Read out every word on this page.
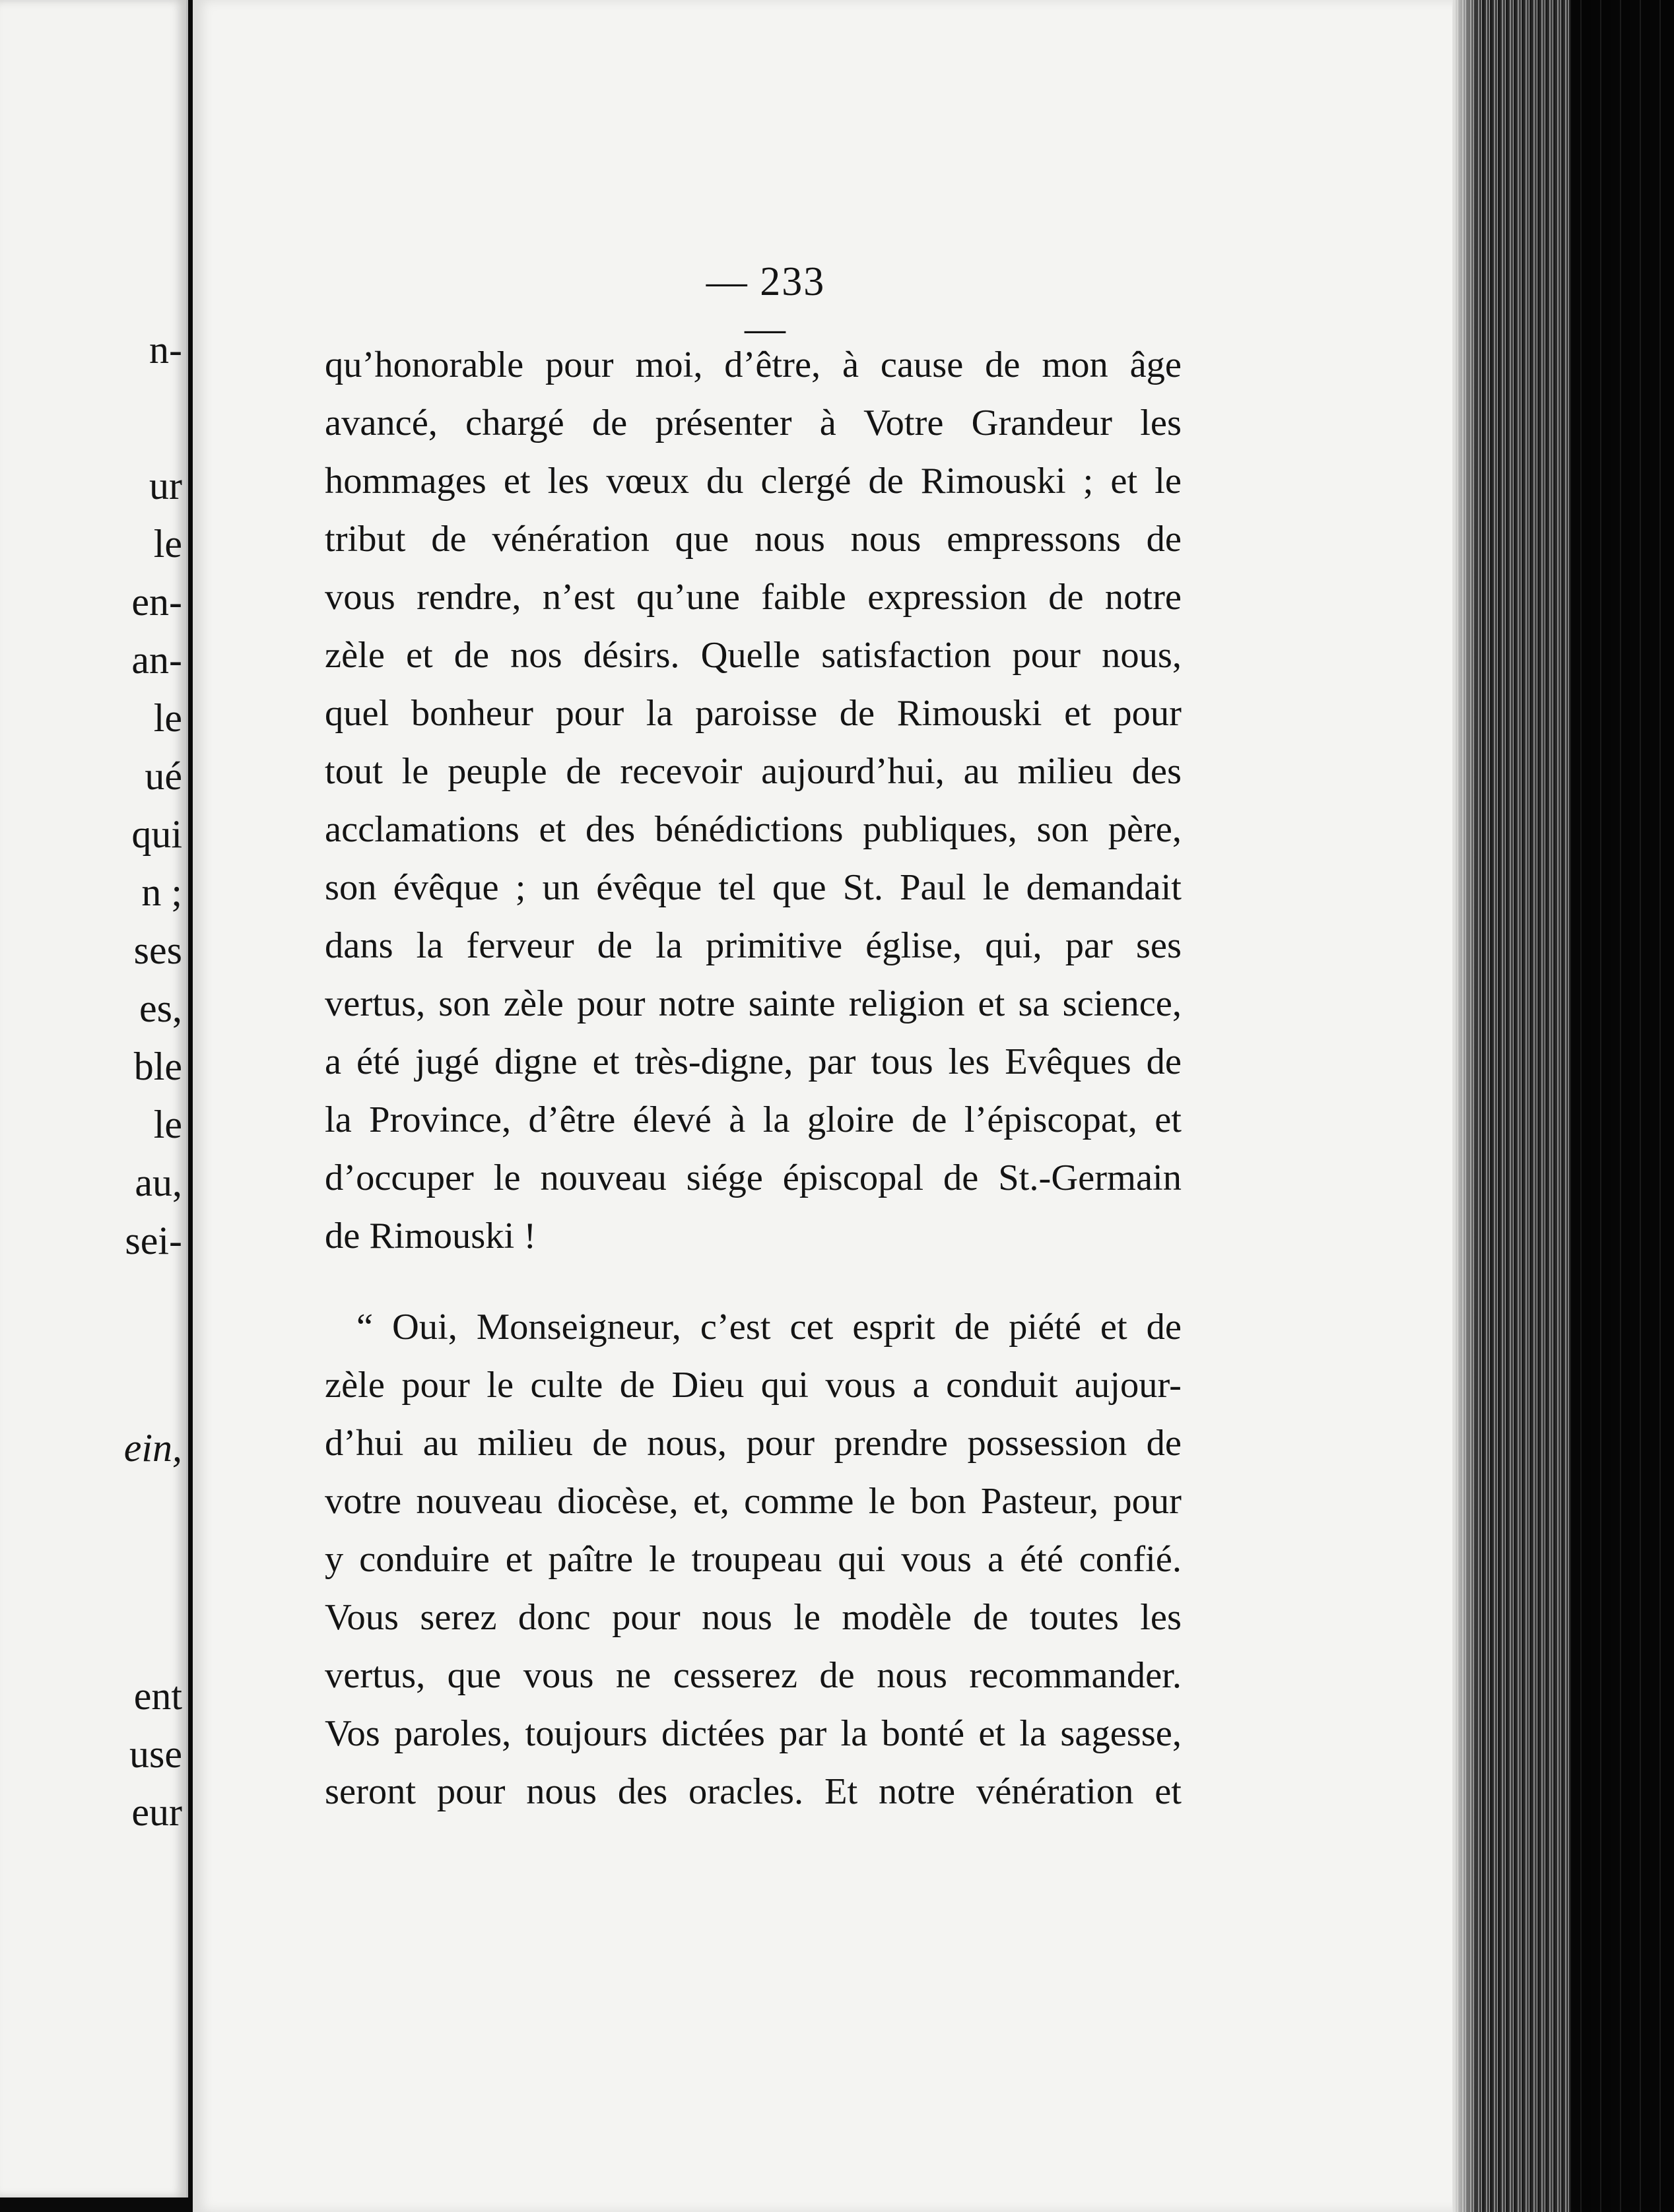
n-
ur
le
en-
an-
le
ué
qui
n ;
ses
es,
ble
le
au,
sei-
ein,
ent
use
eur
— 233 —
qu’honorable pour moi, d’être, à cause de mon âge
avancé, chargé de présenter à Votre Grandeur les
hommages et les vœux du clergé de Rimouski ; et le
tribut de vénération que nous nous empressons de
vous rendre, n’est qu’une faible expression de notre
zèle et de nos désirs. Quelle satisfaction pour nous,
quel bonheur pour la paroisse de Rimouski et pour
tout le peuple de recevoir aujourd’hui, au milieu des
acclamations et des bénédictions publiques, son père,
son évêque ; un évêque tel que St. Paul le demandait
dans la ferveur de la primitive église, qui, par ses
vertus, son zèle pour notre sainte religion et sa science,
a été jugé digne et très-digne, par tous les Evêques de
la Province, d’être élevé à la gloire de l’épiscopat, et
d’occuper le nouveau siége épiscopal de St.-Germain
de Rimouski !
“ Oui, Monseigneur, c’est cet esprit de piété et de
zèle pour le culte de Dieu qui vous a conduit aujour-
d’hui au milieu de nous, pour prendre possession de
votre nouveau diocèse, et, comme le bon Pasteur, pour
y conduire et paître le troupeau qui vous a été confié.
Vous serez donc pour nous le modèle de toutes les
vertus, que vous ne cesserez de nous recommander.
Vos paroles, toujours dictées par la bonté et la sagesse,
seront pour nous des oracles. Et notre vénération et
